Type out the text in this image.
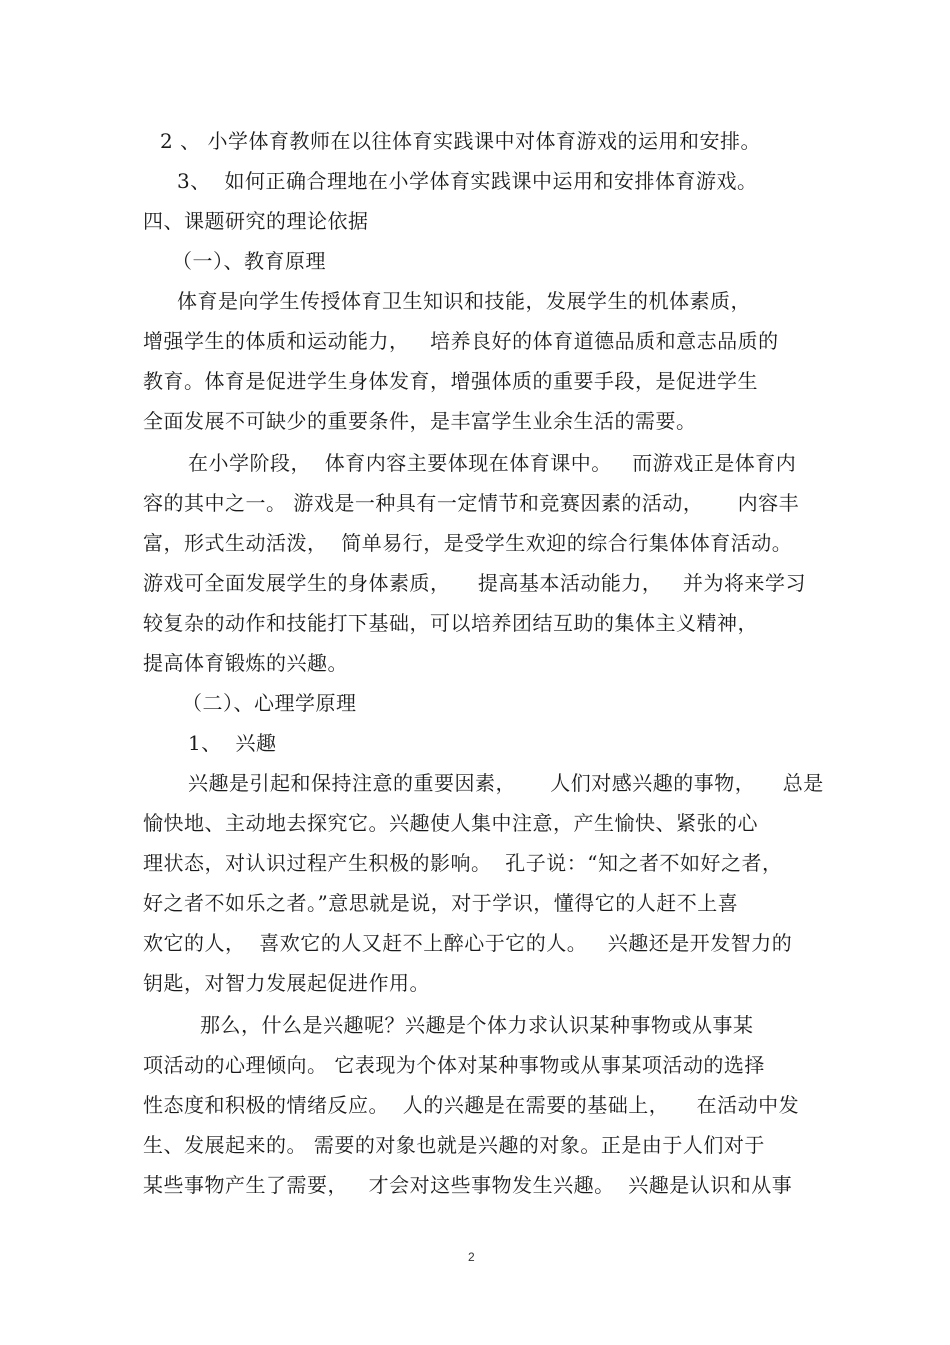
2 、 小学体育教师在以往体育实践课中对体育游戏的运用和安排。
3、  如何正确合理地在小学体育实践课中运用和安排体育游戏。
四、课题研究的理论依据
（一）、教育原理
体育是向学生传授体育卫生知识和技能，发展学生的机体素质，
增强学生的体质和运动能力，   培养良好的体育道德品质和意志品质的
教育。体育是促进学生身体发育，增强体质的重要手段，是促进学生
全面发展不可缺少的重要条件，是丰富学生业余生活的需要。
在小学阶段，  体育内容主要体现在体育课中。   而游戏正是体育内
容的其中之一。 游戏是一种具有一定情节和竞赛因素的活动，     内容丰
富，形式生动活泼，  简单易行，是受学生欢迎的综合行集体体育活动。
游戏可全面发展学生的身体素质，    提高基本活动能力，   并为将来学习
较复杂的动作和技能打下基础，可以培养团结互助的集体主义精神，
提高体育锻炼的兴趣。
（二）、心理学原理
1、  兴趣
兴趣是引起和保持注意的重要因素，     人们对感兴趣的事物，    总是
愉快地、主动地去探究它。兴趣使人集中注意，产生愉快、紧张的心
理状态，对认识过程产生积极的影响。  孔子说：“知之者不如好之者，
好之者不如乐之者。”意思就是说，对于学识，懂得它的人赶不上喜
欢它的人，  喜欢它的人又赶不上醉心于它的人。   兴趣还是开发智力的
钥匙，对智力发展起促进作用。
那么，什么是兴趣呢？兴趣是个体力求认识某种事物或从事某
项活动的心理倾向。 它表现为个体对某种事物或从事某项活动的选择
性态度和积极的情绪反应。  人的兴趣是在需要的基础上，    在活动中发
生、发展起来的。 需要的对象也就是兴趣的对象。正是由于人们对于
某些事物产生了需要，   才会对这些事物发生兴趣。  兴趣是认识和从事
2
